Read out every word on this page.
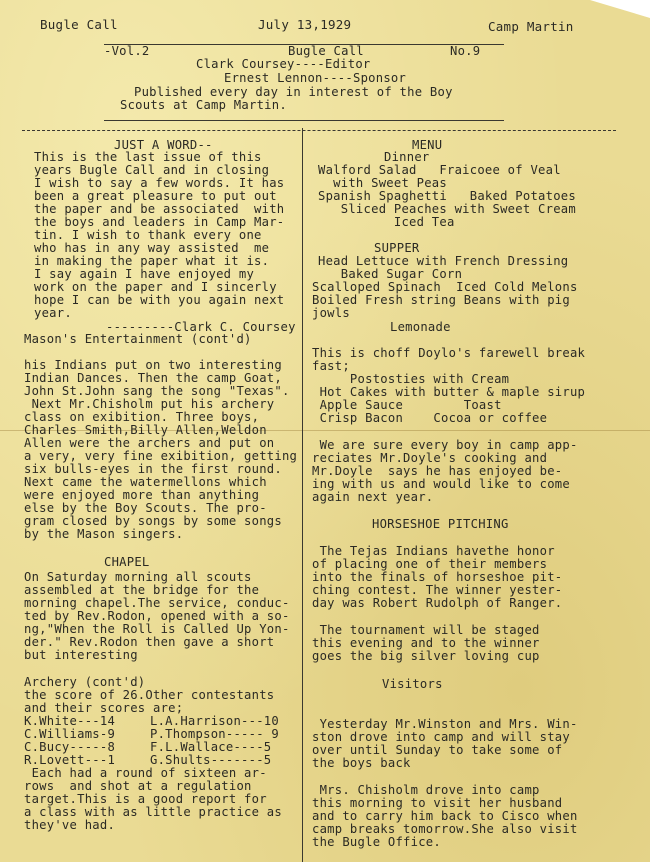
Bugle Call	July 13,1929	Camp Martin
-Vol.2	Bugle Call	No.9
Clark Coursey----Editor
Ernest Lennon----Sponsor
Published every day in interest of the Boy
Scouts at Camp Martin.
JUST A WORD--
This is the last issue of this
years Bugle Call and in closing
I wish to say a few words. It has
been a great pleasure to put out
the paper and be associated  with
the boys and leaders in Camp Mar-
tin. I wish to thank every one
who has in any way assisted  me
in making the paper what it is.
I say again I have enjoyed my
work on the paper and I sincerly
hope I can be with you again next
year.
---------Clark C. Coursey
Mason's Entertainment (cont'd)
his Indians put on two interesting
Indian Dances. Then the camp Goat,
John St.John sang the song "Texas".
Next Mr.Chisholm put his archery
class on exibition. Three boys,
Charles Smith,Billy Allen,Weldon
Allen were the archers and put on
a very, very fine exibition, getting
six bulls-eyes in the first round.
Next came the watermellons which
were enjoyed more than anything
else by the Boy Scouts. The pro-
gram closed by songs by some songs
by the Mason singers.
CHAPEL
On Saturday morning all scouts
assembled at the bridge for the
morning chapel.The service, conduc-
ted by Rev.Rodon, opened with a so-
ng,"When the Roll is Called Up Yon-
der." Rev.Rodon then gave a short
but interesting
Archery (cont'd)
the score of 26.Other contestants
and their scores are;
K.White---14	L.A.Harrison---10
C.Williams-9	P.Thompson----- 9
C.Bucy-----8	F.L.Wallace----5
R.Lovett---1	G.Shults-------5
Each had a round of sixteen ar-
rows  and shot at a regulation
target.This is a good report for
a class with as little practice as
they've had.
MENU
Dinner
Walford Salad   Fraicoee of Veal
with Sweet Peas
Spanish Spaghetti   Baked Potatoes
Sliced Peaches with Sweet Cream
Iced Tea
SUPPER
Head Lettuce with French Dressing
Baked Sugar Corn
Scalloped Spinach  Iced Cold Melons
Boiled Fresh string Beans with pig
jowls
Lemonade
This is choff Doylo's farewell break
fast;
Postosties with Cream
Hot Cakes with butter & maple sirup
Apple Sauce        Toast
Crisp Bacon    Cocoa or coffee
We are sure every boy in camp app-
reciates Mr.Doyle's cooking and
Mr.Doyle  says he has enjoyed be-
ing with us and would like to come
again next year.
HORSESHOE PITCHING
The Tejas Indians havethe honor
of placing one of their members
into the finals of horseshoe pit-
ching contest. The winner yester-
day was Robert Rudolph of Ranger.
The tournament will be staged
this evening and to the winner
goes the big silver loving cup
Visitors
Yesterday Mr.Winston and Mrs. Win-
ston drove into camp and will stay
over until Sunday to take some of
the boys back
Mrs. Chisholm drove into camp
this morning to visit her husband
and to carry him back to Cisco when
camp breaks tomorrow.She also visit
the Bugle Office.
